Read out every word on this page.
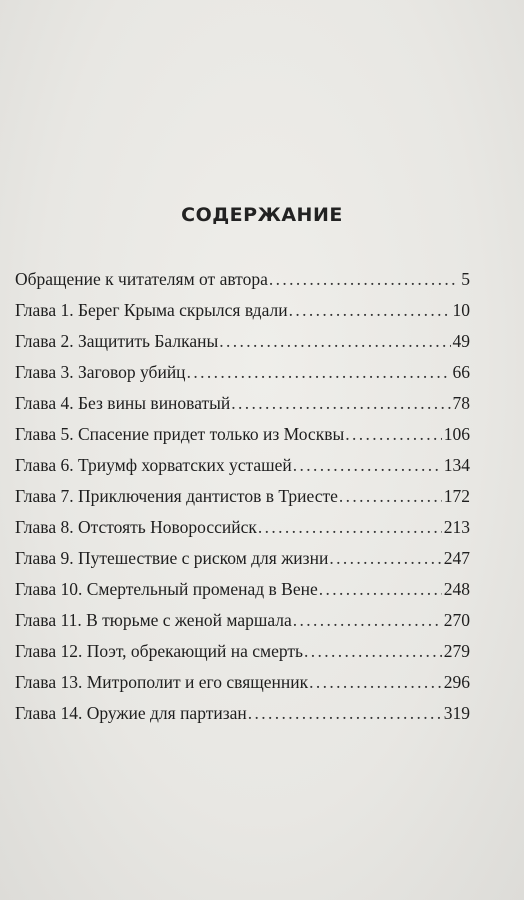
СОДЕРЖАНИЕ
Обращение к читателям от автора . . .	5
Глава 1. Берег Крыма скрылся вдали . . .	10
Глава 2. Защитить Балканы . . .	49
Глава 3. Заговор убийц . . .	66
Глава 4. Без вины виноватый . . .	78
Глава 5. Спасение придет только из Москвы . . .	106
Глава 6. Триумф хорватских усташей . . .	134
Глава 7. Приключения дантистов в Триесте . . .	172
Глава 8. Отстоять Новороссийск . . .	213
Глава 9. Путешествие с риском для жизни . . .	247
Глава 10. Смертельный променад в Вене . . .	248
Глава 11. В тюрьме с женой маршала . . .	270
Глава 12. Поэт, обрекающий на смерть . . .	279
Глава 13. Митрополит и его священник . . .	296
Глава 14. Оружие для партизан . . .	319
